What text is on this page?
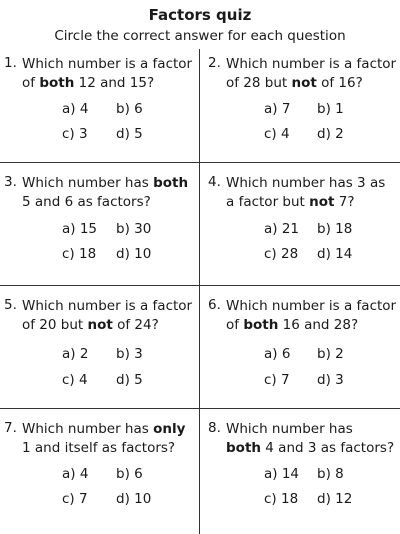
Factors quiz
Circle the correct answer for each question
1. Which number is a factor
of both 12 and 15?
a) 4 b) 6
c) 3 d) 5
2. Which number is a factor
of 28 but not of 16?
a) 7 b) 1
c) 4 d) 2
3. Which number has both
5 and 6 as factors?
a) 15 b) 30
c) 18 d) 10
4. Which number has 3 as
a factor but not 7?
a) 21 b) 18
c) 28 d) 14
5. Which number is a factor
of 20 but not of 24?
a) 2 b) 3
c) 4 d) 5
6. Which number is a factor
of both 16 and 28?
a) 6 b) 2
c) 7 d) 3
7. Which number has only
1 and itself as factors?
a) 4 b) 6
c) 7 d) 10
8. Which number has
both 4 and 3 as factors?
a) 14 b) 8
c) 18 d) 12
